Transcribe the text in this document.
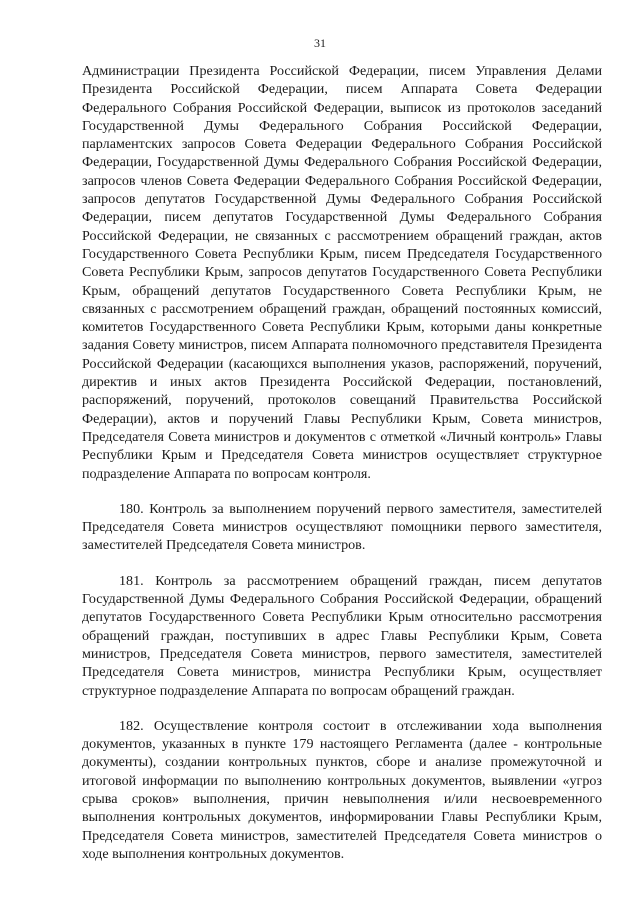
31

Администрации Президента Российской Федерации, писем Управления Делами Президента Российской Федерации, писем Аппарата Совета Федерации Федерального Собрания Российской Федерации, выписок из протоколов заседаний Государственной Думы Федерального Собрания Российской Федерации, парламентских запросов Совета Федерации Федерального Собрания Российской Федерации, Государственной Думы Федерального Собрания Российской Федерации, запросов членов Совета Федерации Федерального Собрания Российской Федерации, запросов депутатов Государственной Думы Федерального Собрания Российской Федерации, писем депутатов Государственной Думы Федерального Собрания Российской Федерации, не связанных с рассмотрением обращений граждан, актов Государственного Совета Республики Крым, писем Председателя Государственного Совета Республики Крым, запросов депутатов Государственного Совета Республики Крым, обращений депутатов Государственного Совета Республики Крым, не связанных с рассмотрением обращений граждан, обращений постоянных комиссий, комитетов Государственного Совета Республики Крым, которыми даны конкретные задания Совету министров, писем Аппарата полномочного представителя Президента Российской Федерации (касающихся выполнения указов, распоряжений, поручений, директив и иных актов Президента Российской Федерации, постановлений, распоряжений, поручений, протоколов совещаний Правительства Российской Федерации), актов и поручений Главы Республики Крым, Совета министров, Председателя Совета министров и документов с отметкой «Личный контроль» Главы Республики Крым и Председателя Совета министров осуществляет структурное подразделение Аппарата по вопросам контроля.

180. Контроль за выполнением поручений первого заместителя, заместителей Председателя Совета министров осуществляют помощники первого заместителя, заместителей Председателя Совета министров.

181. Контроль за рассмотрением обращений граждан, писем депутатов Государственной Думы Федерального Собрания Российской Федерации, обращений депутатов Государственного Совета Республики Крым относительно рассмотрения обращений граждан, поступивших в адрес Главы Республики Крым, Совета министров, Председателя Совета министров, первого заместителя, заместителей Председателя Совета министров, министра Республики Крым, осуществляет структурное подразделение Аппарата по вопросам обращений граждан.

182. Осуществление контроля состоит в отслеживании хода выполнения документов, указанных в пункте 179 настоящего Регламента (далее - контрольные документы), создании контрольных пунктов, сборе и анализе промежуточной и итоговой информации по выполнению контрольных документов, выявлении «угроз срыва сроков» выполнения, причин невыполнения и/или несвоевременного выполнения контрольных документов, информировании Главы Республики Крым, Председателя Совета министров, заместителей Председателя Совета министров о ходе выполнения контрольных документов.
